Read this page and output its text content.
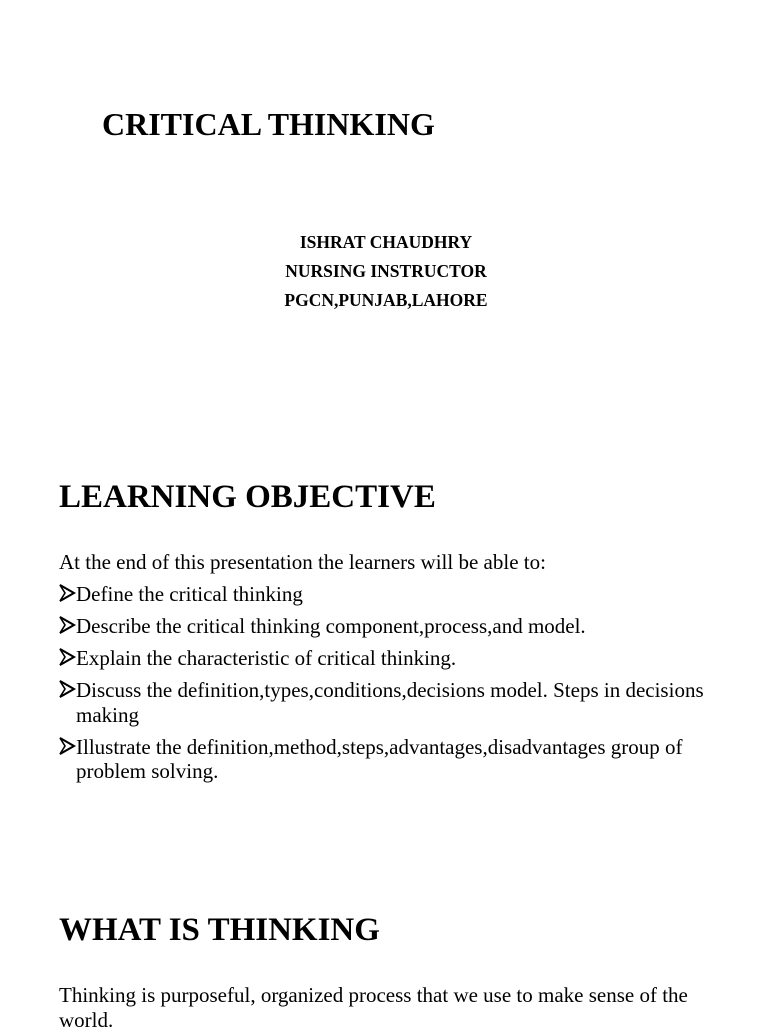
CRITICAL THINKING
ISHRAT CHAUDHRY
NURSING INSTRUCTOR
PGCN,PUNJAB,LAHORE
LEARNING OBJECTIVE
At the end of this presentation the learners will be able to:
Define the critical thinking
Describe the critical thinking component,process,and model.
Explain the characteristic of critical thinking.
Discuss the definition,types,conditions,decisions model. Steps in decisions making
Illustrate the definition,method,steps,advantages,disadvantages group of problem solving.
WHAT IS THINKING
Thinking is purposeful, organized process that we use to make sense of the world.
